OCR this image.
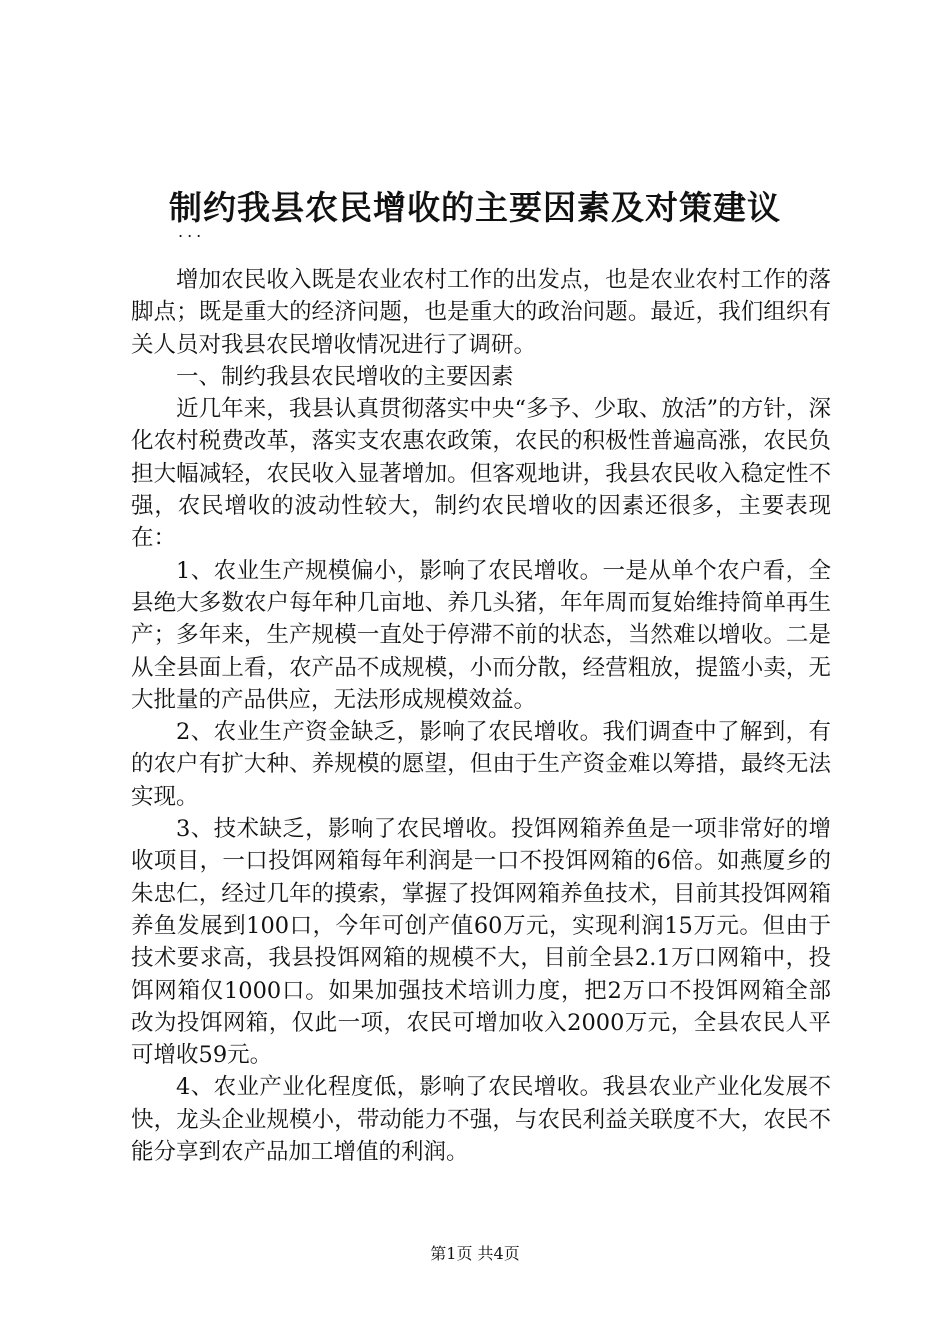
制约我县农民增收的主要因素及对策建议
...

增加农民收入既是农业农村工作的出发点，也是农业农村工作的落脚点；既是重大的经济问题，也是重大的政治问题。最近，我们组织有关人员对我县农民增收情况进行了调研。

一、制约我县农民增收的主要因素

近几年来，我县认真贯彻落实中央“多予、少取、放活”的方针，深化农村税费改革，落实支农惠农政策，农民的积极性普遍高涨，农民负担大幅减轻，农民收入显著增加。但客观地讲，我县农民收入稳定性不强，农民增收的波动性较大，制约农民增收的因素还很多，主要表现在：

1、农业生产规模偏小，影响了农民增收。一是从单个农户看，全县绝大多数农户每年种几亩地、养几头猪，年年周而复始维持简单再生产；多年来，生产规模一直处于停滞不前的状态，当然难以增收。二是从全县面上看，农产品不成规模，小而分散，经营粗放，提篮小卖，无大批量的产品供应，无法形成规模效益。

2、农业生产资金缺乏，影响了农民增收。我们调查中了解到，有的农户有扩大种、养规模的愿望，但由于生产资金难以筹措，最终无法实现。

3、技术缺乏，影响了农民增收。投饵网箱养鱼是一项非常好的增收项目，一口投饵网箱每年利润是一口不投饵网箱的6倍。如燕厦乡的朱忠仁，经过几年的摸索，掌握了投饵网箱养鱼技术，目前其投饵网箱养鱼发展到100口，今年可创产值60万元，实现利润15万元。但由于技术要求高，我县投饵网箱的规模不大，目前全县2.1万口网箱中，投饵网箱仅1000口。如果加强技术培训力度，把2万口不投饵网箱全部改为投饵网箱，仅此一项，农民可增加收入2000万元，全县农民人平可增收59元。

4、农业产业化程度低，影响了农民增收。我县农业产业化发展不快，龙头企业规模小，带动能力不强，与农民利益关联度不大，农民不能分享到农产品加工增值的利润。

第1页 共4页
